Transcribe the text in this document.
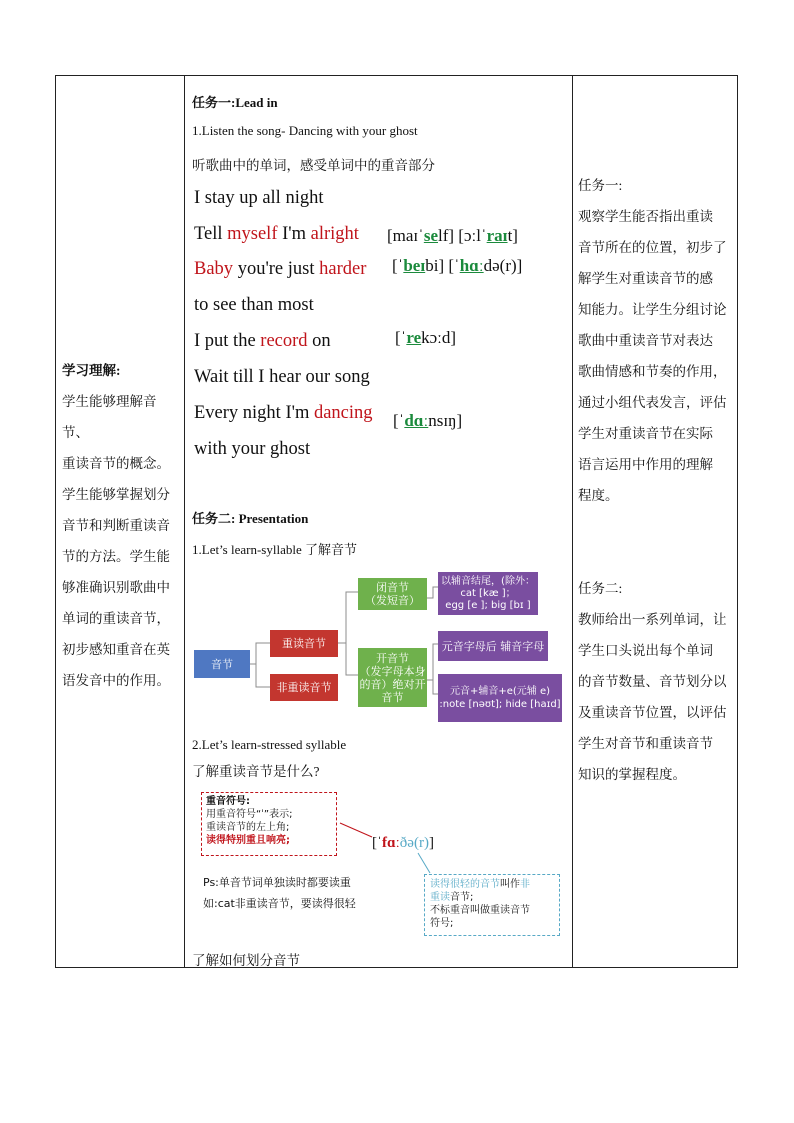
学习理解:
学生能够理解音节、
重读音节的概念。
学生能够掌握划分
音节和判断重读音
节的方法。学生能
够准确识别歌曲中
单词的重读音节，
初步感知重音在英
语发音中的作用。
任务一:
观察学生能否指出重读
音节所在的位置，初步了
解学生对重读音节的感
知能力。让学生分组讨论
歌曲中重读音节对表达
歌曲情感和节奏的作用，
通过小组代表发言，评估
学生对重读音节在实际
语言运用中作用的理解
程度。
任务二:
教师给出一系列单词，让
学生口头说出每个单词
的音节数量、音节划分以
及重读音节位置，以评估
学生对音节和重读音节
知识的掌握程度。
任务一:Lead in
1.Listen the song- Dancing with your ghost
听歌曲中的单词，感受单词中的重音部分
I stay up all night
Tell myself I'm alright
Baby you're just harder
to see than most
I put the record on
Wait till I hear our song
Every night I'm dancing
with your ghost
[maɪˈself] [ɔːlˈraɪt]
[ˈbeɪbi] [ˈhɑːdə(r)]
[ˈrekɔːd]
[ˈdɑːnsɪŋ]
任务二: Presentation
1.Let’s learn-syllable 了解音节
音节
重读音节
非重读音节
闭音节
（发短音）
以辅音结尾，(除外：cat [kæ ]；
egg [e ]; big [bɪ ]
开音节
（发字母本身的音）绝对开音节
元音字母后 辅音字母
元音+辅音+e(元辅 e)
:note [nəʊt]; hide [haɪd]
2.Let’s learn-stressed syllable
了解重读音节是什么?
重音符号:
用重音符号“ˈ”表示;
重读音节的左上角;
读得特别重且响亮;	[ˈfɑːðə(r)]
Ps:单音节词单独读时都要读重
如:cat非重读音节，要读得很轻
读得很轻的音节叫作非
重读音节;
不标重音叫做重读音节
符号;
了解如何划分音节
